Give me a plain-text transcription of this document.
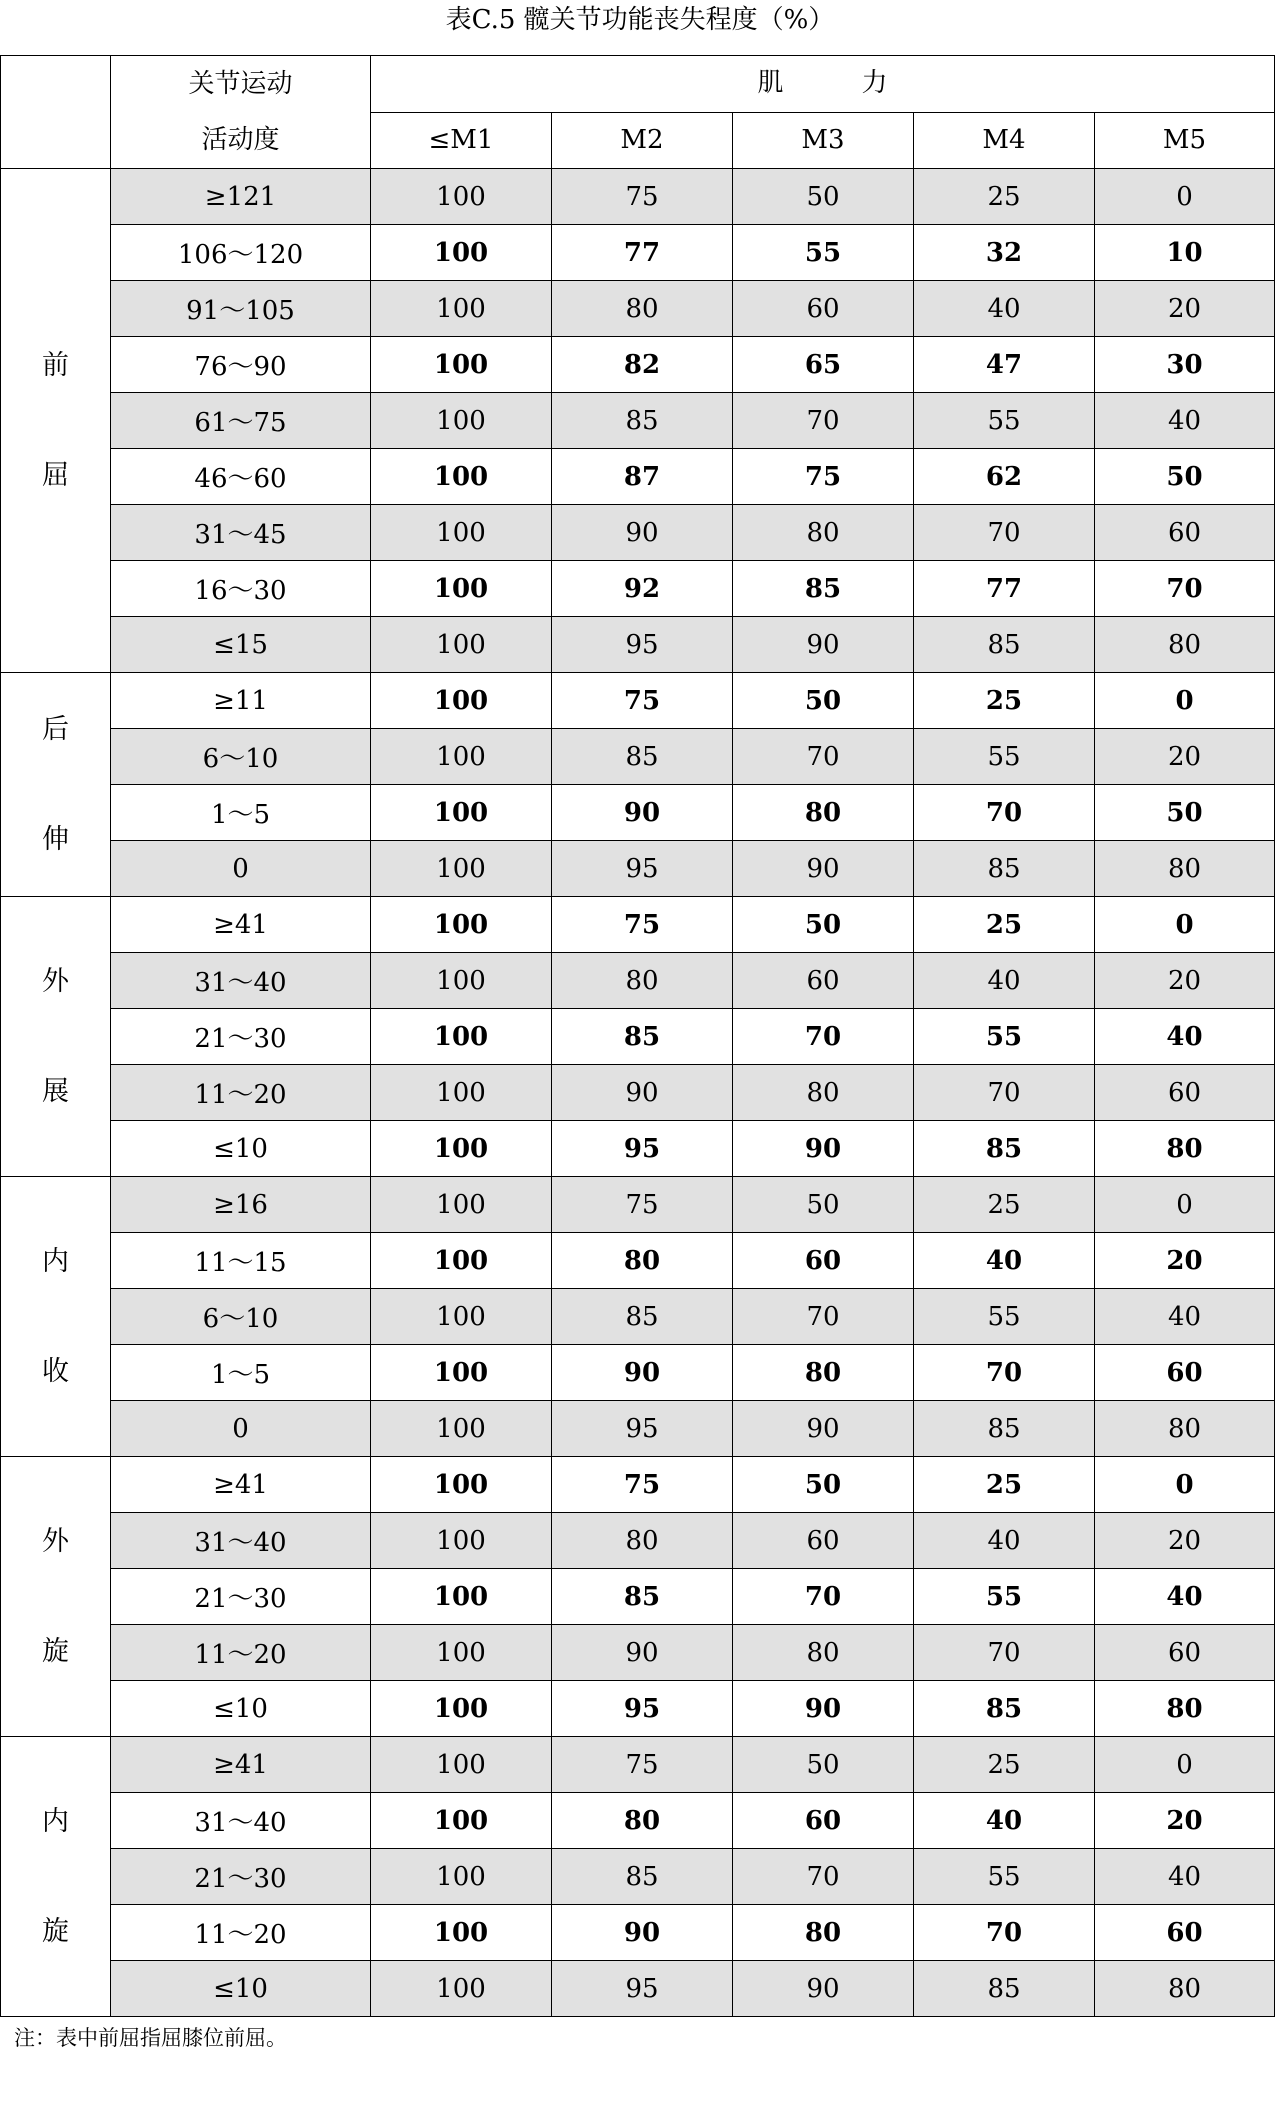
表C.5 髋关节功能丧失程度（%）

	关节运动
活动度	肌　　　力				
		≤M1	M2	M3	M4	M5

前
屈	≥121	100	75	50	25	0
	106～120	100	77	55	32	10
	91～105	100	80	60	40	20
	76～90	100	82	65	47	30
	61～75	100	85	70	55	40
	46～60	100	87	75	62	50
	31～45	100	90	80	70	60
	16～30	100	92	85	77	70
	≤15	100	95	90	85	80

后
伸	≥11	100	75	50	25	0
	6～10	100	85	70	55	20
	1～5	100	90	80	70	50
	0	100	95	90	85	80

外
展	≥41	100	75	50	25	0
	31～40	100	80	60	40	20
	21～30	100	85	70	55	40
	11～20	100	90	80	70	60
	≤10	100	95	90	85	80

内
收	≥16	100	75	50	25	0
	11～15	100	80	60	40	20
	6～10	100	85	70	55	40
	1～5	100	90	80	70	60
	0	100	95	90	85	80

外
旋	≥41	100	75	50	25	0
	31～40	100	80	60	40	20
	21～30	100	85	70	55	40
	11～20	100	90	80	70	60
	≤10	100	95	90	85	80

内
旋	≥41	100	75	50	25	0
	31～40	100	80	60	40	20
	21～30	100	85	70	55	40
	11～20	100	90	80	70	60
	≤10	100	95	90	85	80
注：表中前屈指屈膝位前屈。
